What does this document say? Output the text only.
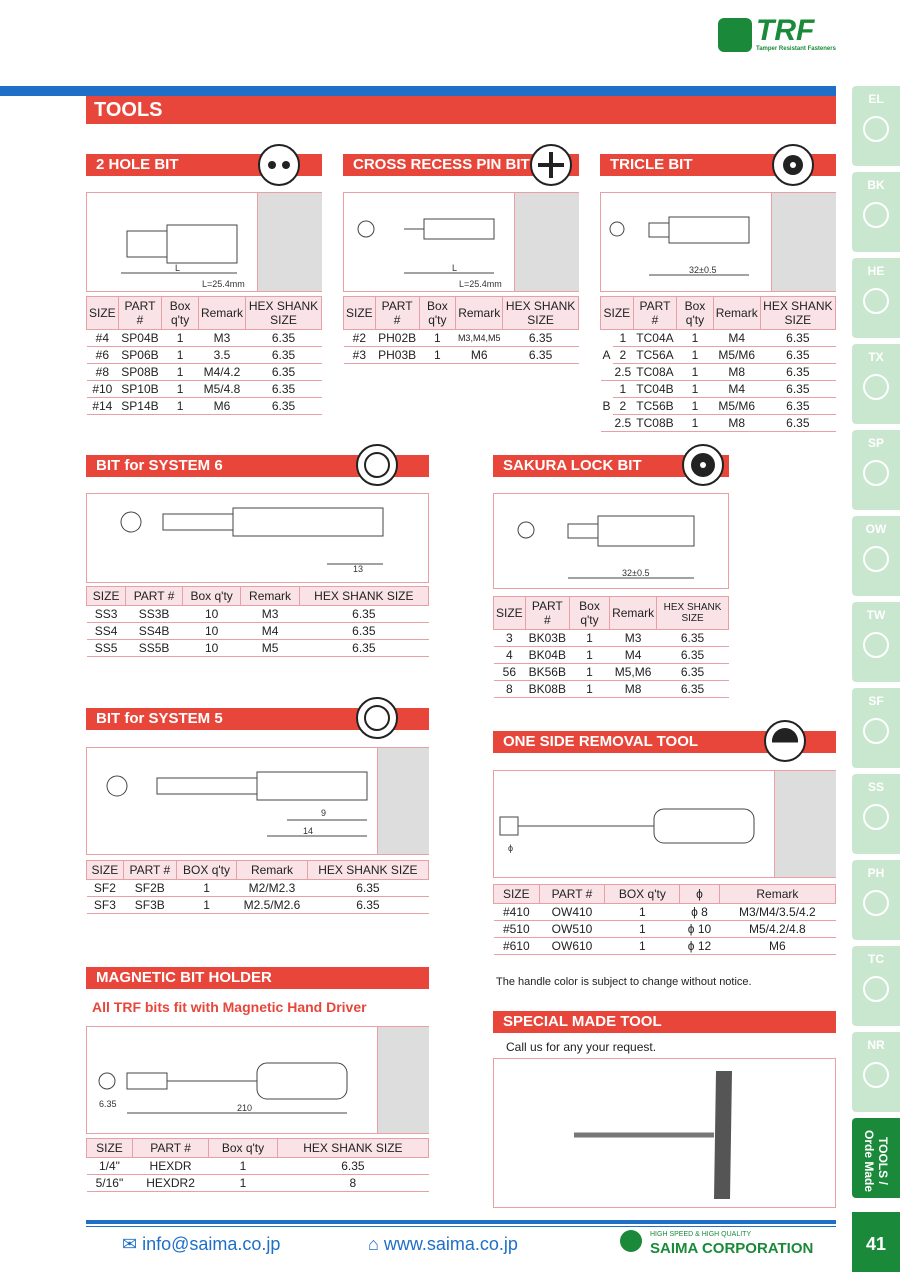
TRF
Tamper Resistant Fasteners
TOOLS
2 HOLE BIT
L
L=25.4mm
SIZE	PART #	Box q'ty	Remark	HEX SHANK SIZE
#4	SP04B	1	M3	6.35
#6	SP06B	1	3.5	6.35
#8	SP08B	1	M4/4.2	6.35
#10	SP10B	1	M5/4.8	6.35
#14	SP14B	1	M6	6.35
CROSS RECESS PIN BIT
L
L=25.4mm
SIZE	PART #	Box q'ty	Remark	HEX SHANK SIZE
#2	PH02B	1	M3,M4,M5	6.35
#3	PH03B	1	M6	6.35
TRICLE BIT
32±0.5
SIZE		PART #	Box q'ty	Remark	HEX SHANK SIZE
A	1	TC04A	1	M4	6.35
	2	TC56A	1	M5/M6	6.35
	2.5	TC08A	1	M8	6.35
B	1	TC04B	1	M4	6.35
	2	TC56B	1	M5/M6	6.35
	2.5	TC08B	1	M8	6.35
BIT for SYSTEM 6
13
SIZE	PART #	Box q'ty	Remark	HEX SHANK SIZE
SS3	SS3B	10	M3	6.35
SS4	SS4B	10	M4	6.35
SS5	SS5B	10	M5	6.35
SAKURA LOCK BIT
32±0.5
SIZE	PART #	Box q'ty	Remark	HEX SHANK SIZE
3	BK03B	1	M3	6.35
4	BK04B	1	M4	6.35
56	BK56B	1	M5,M6	6.35
8	BK08B	1	M8	6.35
BIT for SYSTEM 5
9
14
SIZE	PART #	BOX q'ty	Remark	HEX SHANK SIZE
SF2	SF2B	1	M2/M2.3	6.35
SF3	SF3B	1	M2.5/M2.6	6.35
ONE SIDE REMOVAL TOOL
ϕ
SIZE	PART #	BOX q'ty	ϕ	Remark
#410	OW410	1	ϕ 8	M3/M4/3.5/4.2
#510	OW510	1	ϕ 10	M5/4.2/4.8
#610	OW610	1	ϕ 12	M6
The handle color is subject to change without notice.
MAGNETIC BIT HOLDER
All TRF bits fit with Magnetic Hand Driver
6.35	210
SIZE	PART #	Box q'ty	HEX SHANK SIZE
1/4"	HEXDR	1	6.35
5/16"	HEXDR2	1	8
SPECIAL MADE TOOL
Call us for any your request.
EL
BK
HE
TX
SP
OW
TW
SF
SS
PH
TC
NR
TOOLS / Orde Made
✉ info@saima.co.jp	⌂ www.saima.co.jp	HIGH SPEED & HIGH QUALITY
SAIMA CORPORATION	41
